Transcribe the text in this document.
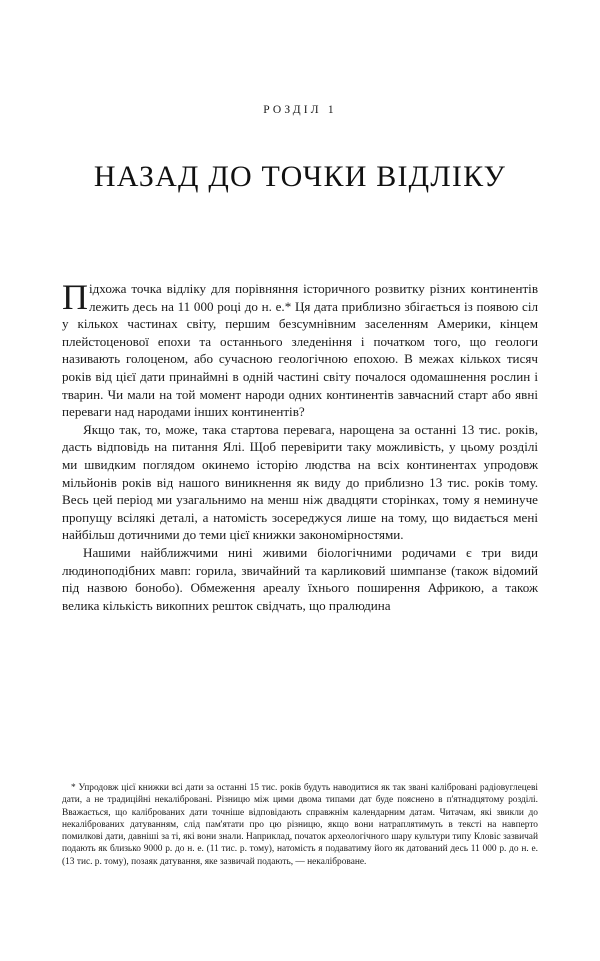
РОЗДІЛ 1
НАЗАД ДО ТОЧКИ ВІДЛІКУ

Підхожа точка відліку для порівняння історичного розвитку різних континентів лежить десь на 11 000 році до н. е.* Ця дата приблизно збігається із появою сіл у кількох частинах світу, першим безсумнівним заселенням Америки, кінцем плейстоценової епохи та останнього зледеніння і початком того, що геологи називають голоценом, або сучасною геологічною епохою. В межах кількох тисяч років від цієї дати принаймні в одній частині світу почалося одомашнення рослин і тварин. Чи мали на той момент народи одних континентів завчасний старт або явні переваги над народами інших континентів?

Якщо так, то, може, така стартова перевага, нарощена за останні 13 тис. років, дасть відповідь на питання Ялі. Щоб перевірити таку можливість, у цьому розділі ми швидким поглядом окинемо історію людства на всіх континентах упродовж мільйонів років від нашого виникнення як виду до приблизно 13 тис. років тому. Весь цей період ми узагальнимо на менш ніж двадцяти сторінках, тому я неминуче пропущу всілякі деталі, а натомість зосереджуся лише на тому, що видається мені найбільш дотичними до теми цієї книжки закономірностями.

Нашими найближчими нині живими біологічними родичами є три види людиноподібних мавп: горила, звичайний та карликовий шимпанзе (також відомий під назвою бонобо). Обмеження ареалу їхнього поширення Африкою, а також велика кількість викопних решток свідчать, що пралюдина

* Упродовж цієї книжки всі дати за останні 15 тис. років будуть наводитися як так звані калібровані радіовуглецеві дати, а не традиційні некалібровані. Різницю між цими двома типами дат буде пояснено в п'ятнадцятому розділі. Вважається, що каліброваних дати точніше відповідають справжнім календарним датам. Читачам, які звикли до некаліброваних датуванням, слід пам'ятати про цю різницю, якщо вони натраплятимуть в тексті на навперто помилкові дати, давніші за ті, які вони знали. Наприклад, початок археологічного шару культури типу Кловіс зазвичай подають як близько 9000 р. до н. е. (11 тис. р. тому), натомість я подаватиму його як датований десь 11 000 р. до н. е. (13 тис. р. тому), позаяк датування, яке зазвичай подають, — некаліброване.
